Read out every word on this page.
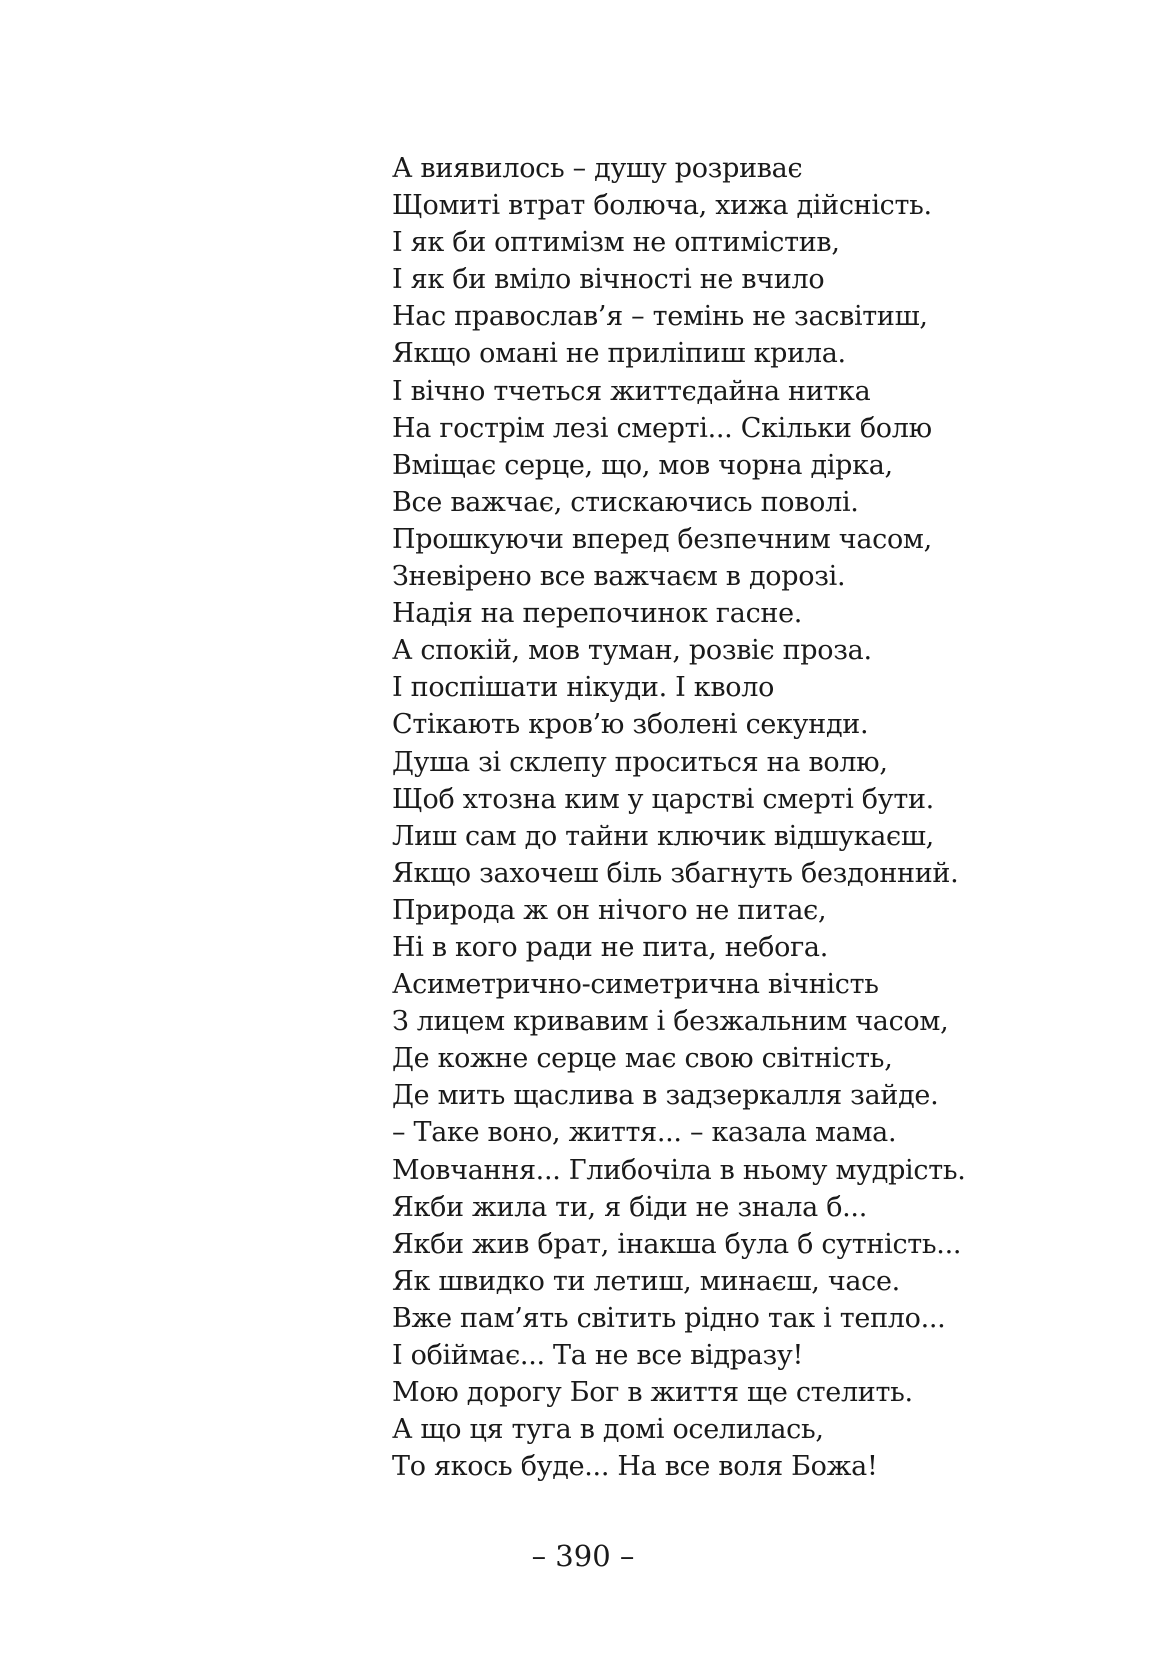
А виявилось – душу розриває
Щомиті втрат болюча, хижа дійсність.
І як би оптимізм не оптимістив,
І як би вміло вічності не вчило
Нас православ’я – темінь не засвітиш,
Якщо омані не приліпиш крила.
І вічно тчеться життєдайна нитка
На гострім лезі смерті... Скільки болю
Вміщає серце, що, мов чорна дірка,
Все важчає, стискаючись поволі.
Прошкуючи вперед безпечним часом,
Зневірено все важчаєм в дорозі.
Надія на перепочинок гасне.
А спокій, мов туман, розвіє проза.
І поспішати нікуди. І кволо
Стікають кров’ю зболені секунди.
Душа зі склепу проситься на волю,
Щоб хтозна ким у царстві смерті бути.
Лиш сам до тайни ключик відшукаєш,
Якщо захочеш біль збагнуть бездонний.
Природа ж он нічого не питає,
Ні в кого ради не пита, небога.
Асиметрично-симетрична вічність
З лицем кривавим і безжальним часом,
Де кожне серце має свою світність,
Де мить щаслива в задзеркалля зайде.
– Таке воно, життя... – казала мама.
Мовчання... Глибочіла в ньому мудрість.
Якби жила ти, я біди не знала б...
Якби жив брат, інакша була б сутність...
Як швидко ти летиш, минаєш, часе.
Вже пам’ять світить рідно так і тепло...
І обіймає... Та не все відразу!
Мою дорогу Бог в життя ще стелить.
А що ця туга в домі оселилась,
То якось буде... На все воля Божа!
– 390 –
